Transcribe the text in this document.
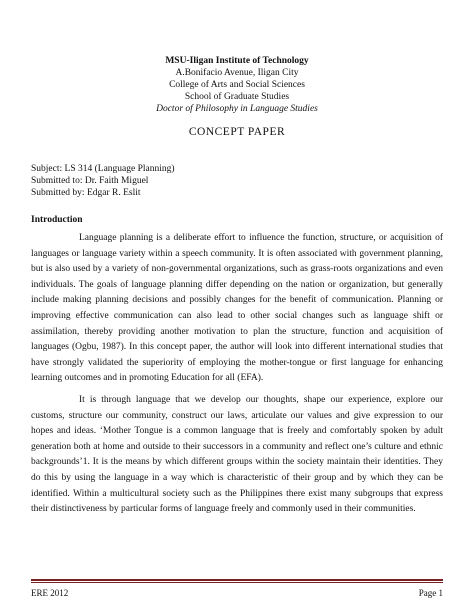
MSU-Iligan Institute of Technology
A.Bonifacio Avenue, Iligan City
College of Arts and Social Sciences
School of Graduate Studies
Doctor of Philosophy in Language Studies
CONCEPT PAPER
Subject: LS 314 (Language Planning)
Submitted to: Dr. Faith Miguel
Submitted by: Edgar R. Eslit
Introduction

Language planning is a deliberate effort to influence the function, structure, or acquisition of languages or language variety within a speech community. It is often associated with government planning, but is also used by a variety of non-governmental organizations, such as grass-roots organizations and even individuals. The goals of language planning differ depending on the nation or organization, but generally include making planning decisions and possibly changes for the benefit of communication. Planning or improving effective communication can also lead to other social changes such as language shift or assimilation, thereby providing another motivation to plan the structure, function and acquisition of languages (Ogbu, 1987). In this concept paper, the author will look into different international studies that have strongly validated the superiority of employing the mother-tongue or first language for enhancing learning outcomes and in promoting Education for all (EFA).

It is through language that we develop our thoughts, shape our experience, explore our customs, structure our community, construct our laws, articulate our values and give expression to our hopes and ideas. ‘Mother Tongue is a common language that is freely and comfortably spoken by adult generation both at home and outside to their successors in a community and reflect one’s culture and ethnic backgrounds’1. It is the means by which different groups within the society maintain their identities. They do this by using the language in a way which is characteristic of their group and by which they can be identified. Within a multicultural society such as the Philippines there exist many subgroups that express their distinctiveness by particular forms of language freely and commonly used in their communities.

ERE 2012	Page 1
